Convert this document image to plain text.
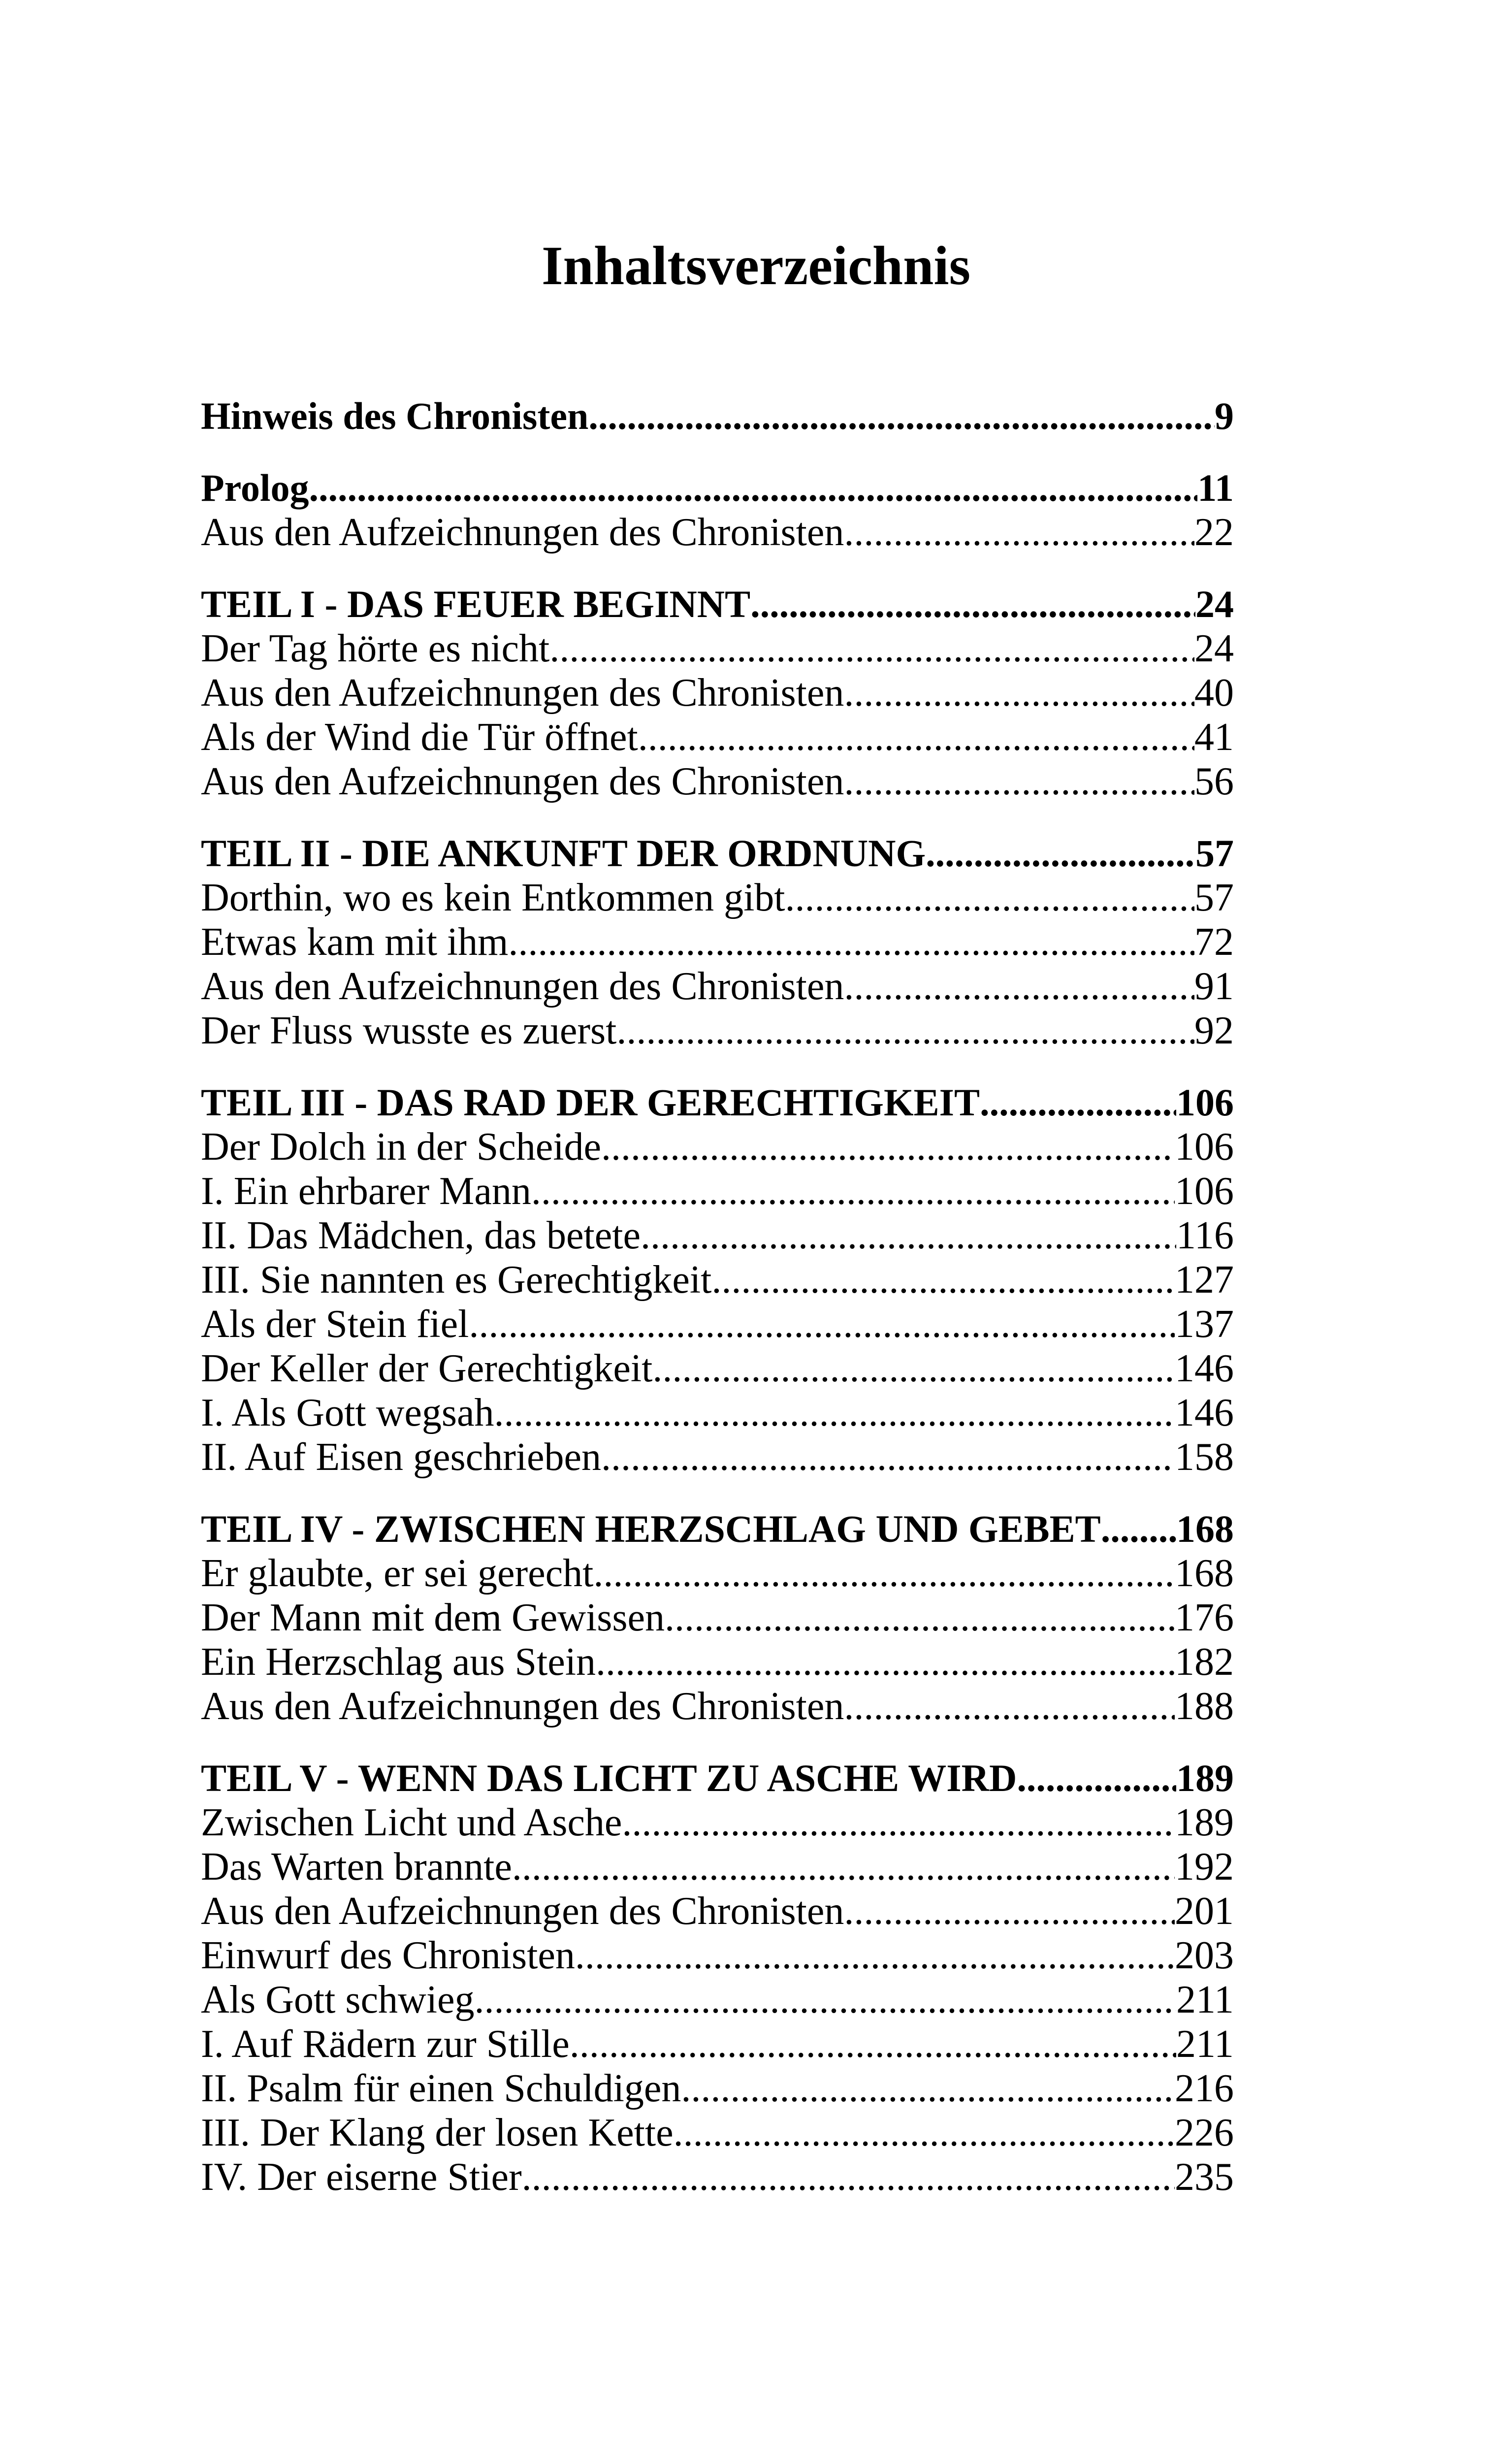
Inhaltsverzeichnis
Hinweis des Chronisten .....	9
Prolog .....	11
Aus den Aufzeichnungen des Chronisten .....	22
TEIL I - DAS FEUER BEGINNT .....	24
Der Tag hörte es nicht .....	24
Aus den Aufzeichnungen des Chronisten .....	40
Als der Wind die Tür öffnet .....	41
Aus den Aufzeichnungen des Chronisten .....	56
TEIL II - DIE ANKUNFT DER ORDNUNG .....	57
Dorthin, wo es kein Entkommen gibt .....	57
Etwas kam mit ihm .....	72
Aus den Aufzeichnungen des Chronisten .....	91
Der Fluss wusste es zuerst .....	92
TEIL III - DAS RAD DER GERECHTIGKEIT .....	106
Der Dolch in der Scheide .....	106
I. Ein ehrbarer Mann .....	106
II. Das Mädchen, das betete .....	116
III. Sie nannten es Gerechtigkeit .....	127
Als der Stein fiel .....	137
Der Keller der Gerechtigkeit .....	146
I. Als Gott wegsah .....	146
II. Auf Eisen geschrieben .....	158
TEIL IV - ZWISCHEN HERZSCHLAG UND GEBET ..... 168
Er glaubte, er sei gerecht .....	168
Der Mann mit dem Gewissen .....	176
Ein Herzschlag aus Stein .....	182
Aus den Aufzeichnungen des Chronisten .....	188
TEIL V - WENN DAS LICHT ZU ASCHE WIRD .....	189
Zwischen Licht und Asche .....	189
Das Warten brannte .....	192
Aus den Aufzeichnungen des Chronisten .....	201
Einwurf des Chronisten .....	203
Als Gott schwieg .....	211
I. Auf Rädern zur Stille .....	211
II. Psalm für einen Schuldigen .....	216
III. Der Klang der losen Kette .....	226
IV. Der eiserne Stier .....	235
